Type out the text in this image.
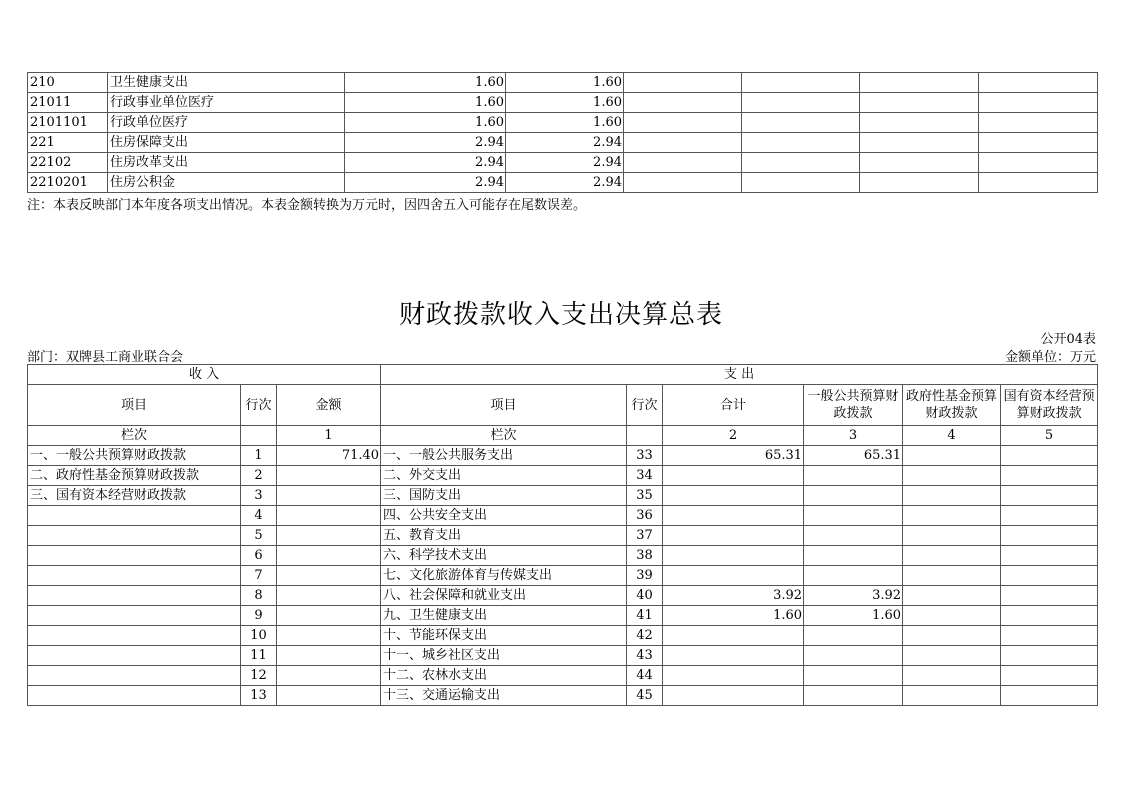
210	卫生健康支出	1.60	1.60				
21011	行政事业单位医疗	1.60	1.60				
2101101	行政单位医疗	1.60	1.60				
221	住房保障支出	2.94	2.94				
22102	住房改革支出	2.94	2.94				
2210201	住房公积金	2.94	2.94				
注：本表反映部门本年度各项支出情况。本表金额转换为万元时，因四舍五入可能存在尾数误差。
财政拨款收入支出决算总表
公开04表
部门：双牌县工商业联合会	金额单位：万元
收 入			支 出					
项目	行次	金额	项目	行次	合计	一般公共预算财政拨款	政府性基金预算财政拨款	国有资本经营预算财政拨款
栏次		1	栏次		2	3	4	5
一、一般公共预算财政拨款	1	71.40	一、一般公共服务支出	33	65.31	65.31		
二、政府性基金预算财政拨款	2		二、外交支出	34				
三、国有资本经营财政拨款	3		三、国防支出	35				
	4		四、公共安全支出	36				
	5		五、教育支出	37				
	6		六、科学技术支出	38				
	7		七、文化旅游体育与传媒支出	39				
	8		八、社会保障和就业支出	40	3.92	3.92		
	9		九、卫生健康支出	41	1.60	1.60		
	10		十、节能环保支出	42				
	11		十一、城乡社区支出	43				
	12		十二、农林水支出	44				
	13		十三、交通运输支出	45				
